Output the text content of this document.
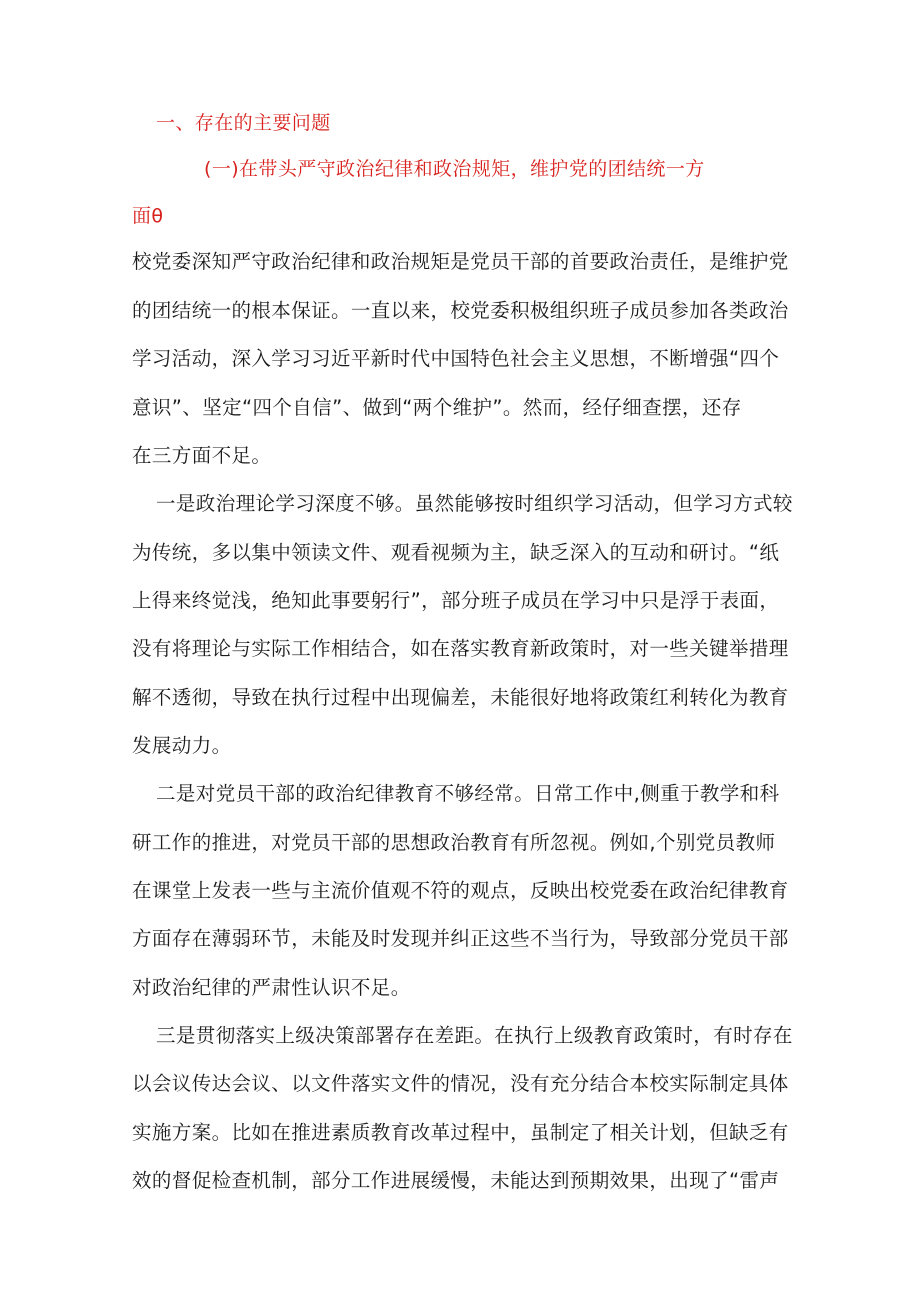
一、存在的主要问题
(一)在带头严守政治纪律和政治规矩，维护党的团结统一方
面θ
校党委深知严守政治纪律和政治规矩是党员干部的首要政治责任，是维护党
的团结统一的根本保证。一直以来，校党委积极组织班子成员参加各类政治
学习活动，深入学习习近平新时代中国特色社会主义思想，不断增强“四个
意识”、坚定“四个自信”、做到“两个维护”。然而，经仔细查摆，还存
在三方面不足。
一是政治理论学习深度不够。虽然能够按时组织学习活动，但学习方式较
为传统，多以集中领读文件、观看视频为主，缺乏深入的互动和研讨。“纸
上得来终觉浅，绝知此事要躬行”，部分班子成员在学习中只是浮于表面，
没有将理论与实际工作相结合，如在落实教育新政策时，对一些关键举措理
解不透彻，导致在执行过程中出现偏差，未能很好地将政策红利转化为教育
发展动力。
二是对党员干部的政治纪律教育不够经常。日常工作中,侧重于教学和科
研工作的推进，对党员干部的思想政治教育有所忽视。例如,个别党员教师
在课堂上发表一些与主流价值观不符的观点，反映出校党委在政治纪律教育
方面存在薄弱环节，未能及时发现并纠正这些不当行为，导致部分党员干部
对政治纪律的严肃性认识不足。
三是贯彻落实上级决策部署存在差距。在执行上级教育政策时，有时存在
以会议传达会议、以文件落实文件的情况，没有充分结合本校实际制定具体
实施方案。比如在推进素质教育改革过程中，虽制定了相关计划，但缺乏有
效的督促检查机制，部分工作进展缓慢，未能达到预期效果，出现了“雷声
